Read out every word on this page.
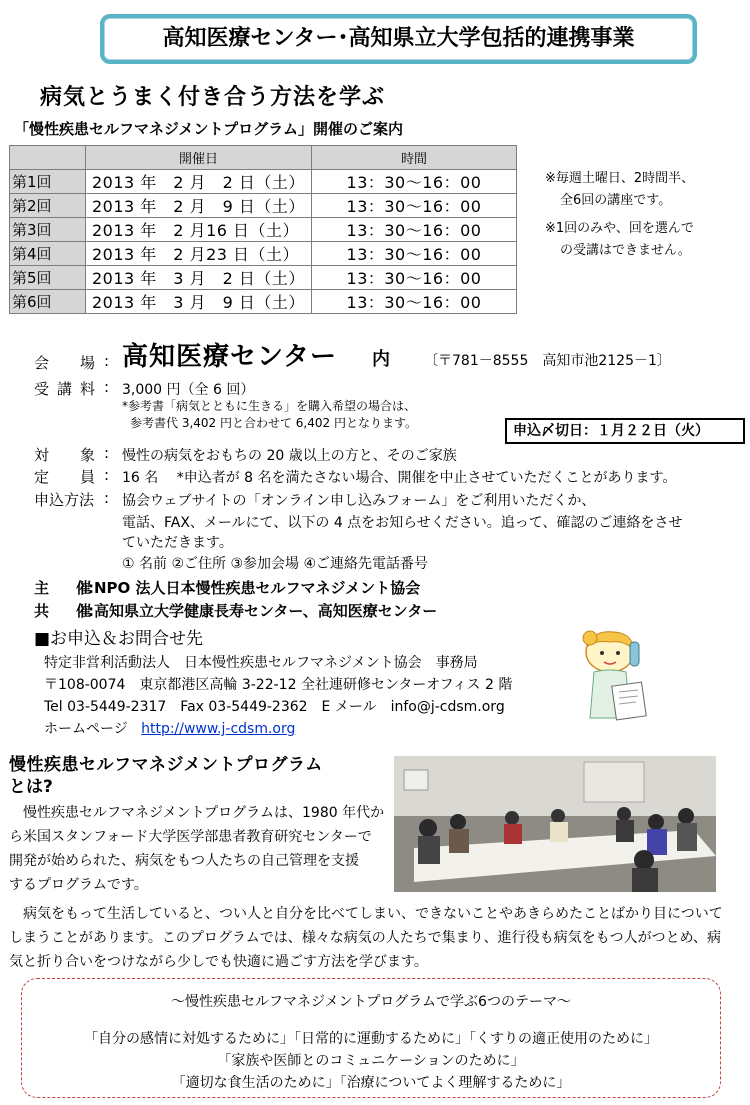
高知医療センター･高知県立大学包括的連携事業
病気とうまく付き合う方法を学ぶ
「慢性疾患セルフマネジメントプログラム」開催のご案内
	開催日	時間
第1回	2013 年　2 月　2 日（土）	13：30～16：00
第2回	2013 年　2 月　9 日（土）	13：30～16：00
第3回	2013 年　2 月16 日（土）	13：30～16：00
第4回	2013 年　2 月23 日（土）	13：30～16：00
第5回	2013 年　3 月　2 日（土）	13：30～16：00
第6回	2013 年　3 月　9 日（土）	13：30～16：00
※毎週土曜日、2時間半、
全6回の講座です。
※1回のみや、回を選んで
の受講はできません。
会　場 : 高知医療センター 内 〔〒781－8555　高知市池2125－1〕
受講料 : 3,000 円（全 6 回）
*参考書「病気とともに生きる」を購入希望の場合は、
参考書代 3,402 円と合わせて 6,402 円となります。	申込〆切日：１月２２日（火）
対　象 : 慢性の病気をおもちの 20 歳以上の方と、そのご家族
定　員 : 16 名　 *申込者が 8 名を満たさない場合、開催を中止させていただくことがあります。
申込方法 : 協会ウェブサイトの「オンライン申し込みフォーム」をご利用いただくか、
電話、FAX、メールにて、以下の 4 点をお知らせください。追って、確認のご連絡をさせ
ていただきます。
① 名前 ②ご住所 ③参加会場 ④ご連絡先電話番号
主　催
:NPO 法人日本慢性疾患セルフマネジメント協会
共　催
:高知県立大学健康長寿センター、高知医療センター
■お申込＆お問合せ先
特定非営利活動法人　日本慢性疾患セルフマネジメント協会　事務局
〒108-0074　東京都港区高輪 3-22-12 全社連研修センターオフィス 2 階
Tel 03-5449-2317　Fax 03-5449-2362　E メール　info@j-cdsm.org
ホームページ http://www.j-cdsm.org
慢性疾患セルフマネジメントプログラム
とは?
　慢性疾患セルフマネジメントプログラムは、1980 年代か
ら米国スタンフォード大学医学部患者教育研究センターで
開発が始められた、病気をもつ人たちの自己管理を支援
するプログラムです。
　病気をもって生活していると、つい人と自分を比べてしまい、できないことやあきらめたことばかり目について
しまうことがあります。このプログラムでは、様々な病気の人たちで集まり、進行役も病気をもつ人がつとめ、病
気と折り合いをつけながら少しでも快適に過ごす方法を学びます。
～慢性疾患セルフマネジメントプログラムで学ぶ6つのテーマ～
「自分の感情に対処するために」「日常的に運動するために」「くすりの適正使用のために」
「家族や医師とのコミュニケーションのために」
「適切な食生活のために」「治療についてよく理解するために」
